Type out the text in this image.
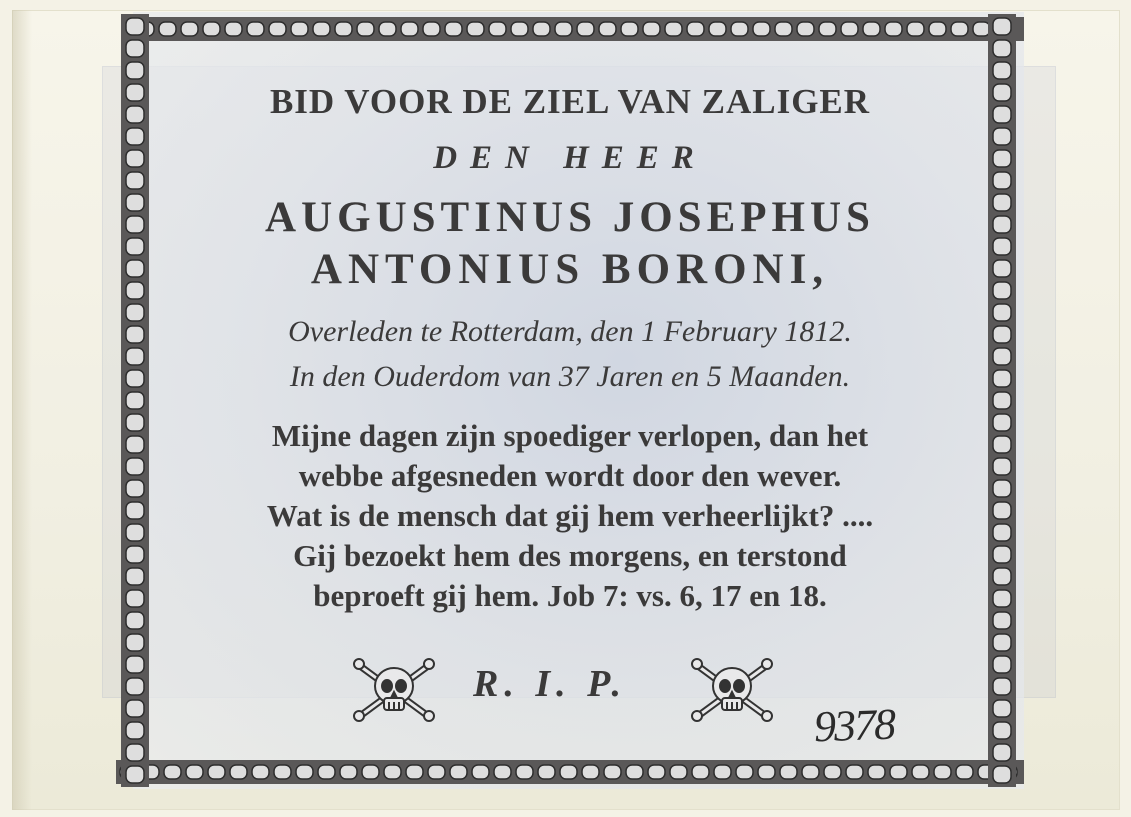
BID VOOR DE ZIEL VAN ZALIGER
DEN HEER
AUGUSTINUS JOSEPHUS
ANTONIUS BORONI,
Overleden te Rotterdam, den 1 February 1812.
In den Ouderdom van 37 Jaren en 5 Maanden.
Mijne dagen zijn spoediger verlopen, dan het
webbe afgesneden wordt door den wever.
Wat is de mensch dat gij hem verheerlijkt? ....
Gij bezoekt hem des morgens, en terstond
beproeft gij hem. Job 7: vs. 6, 17 en 18.
R. I. P.
9378
